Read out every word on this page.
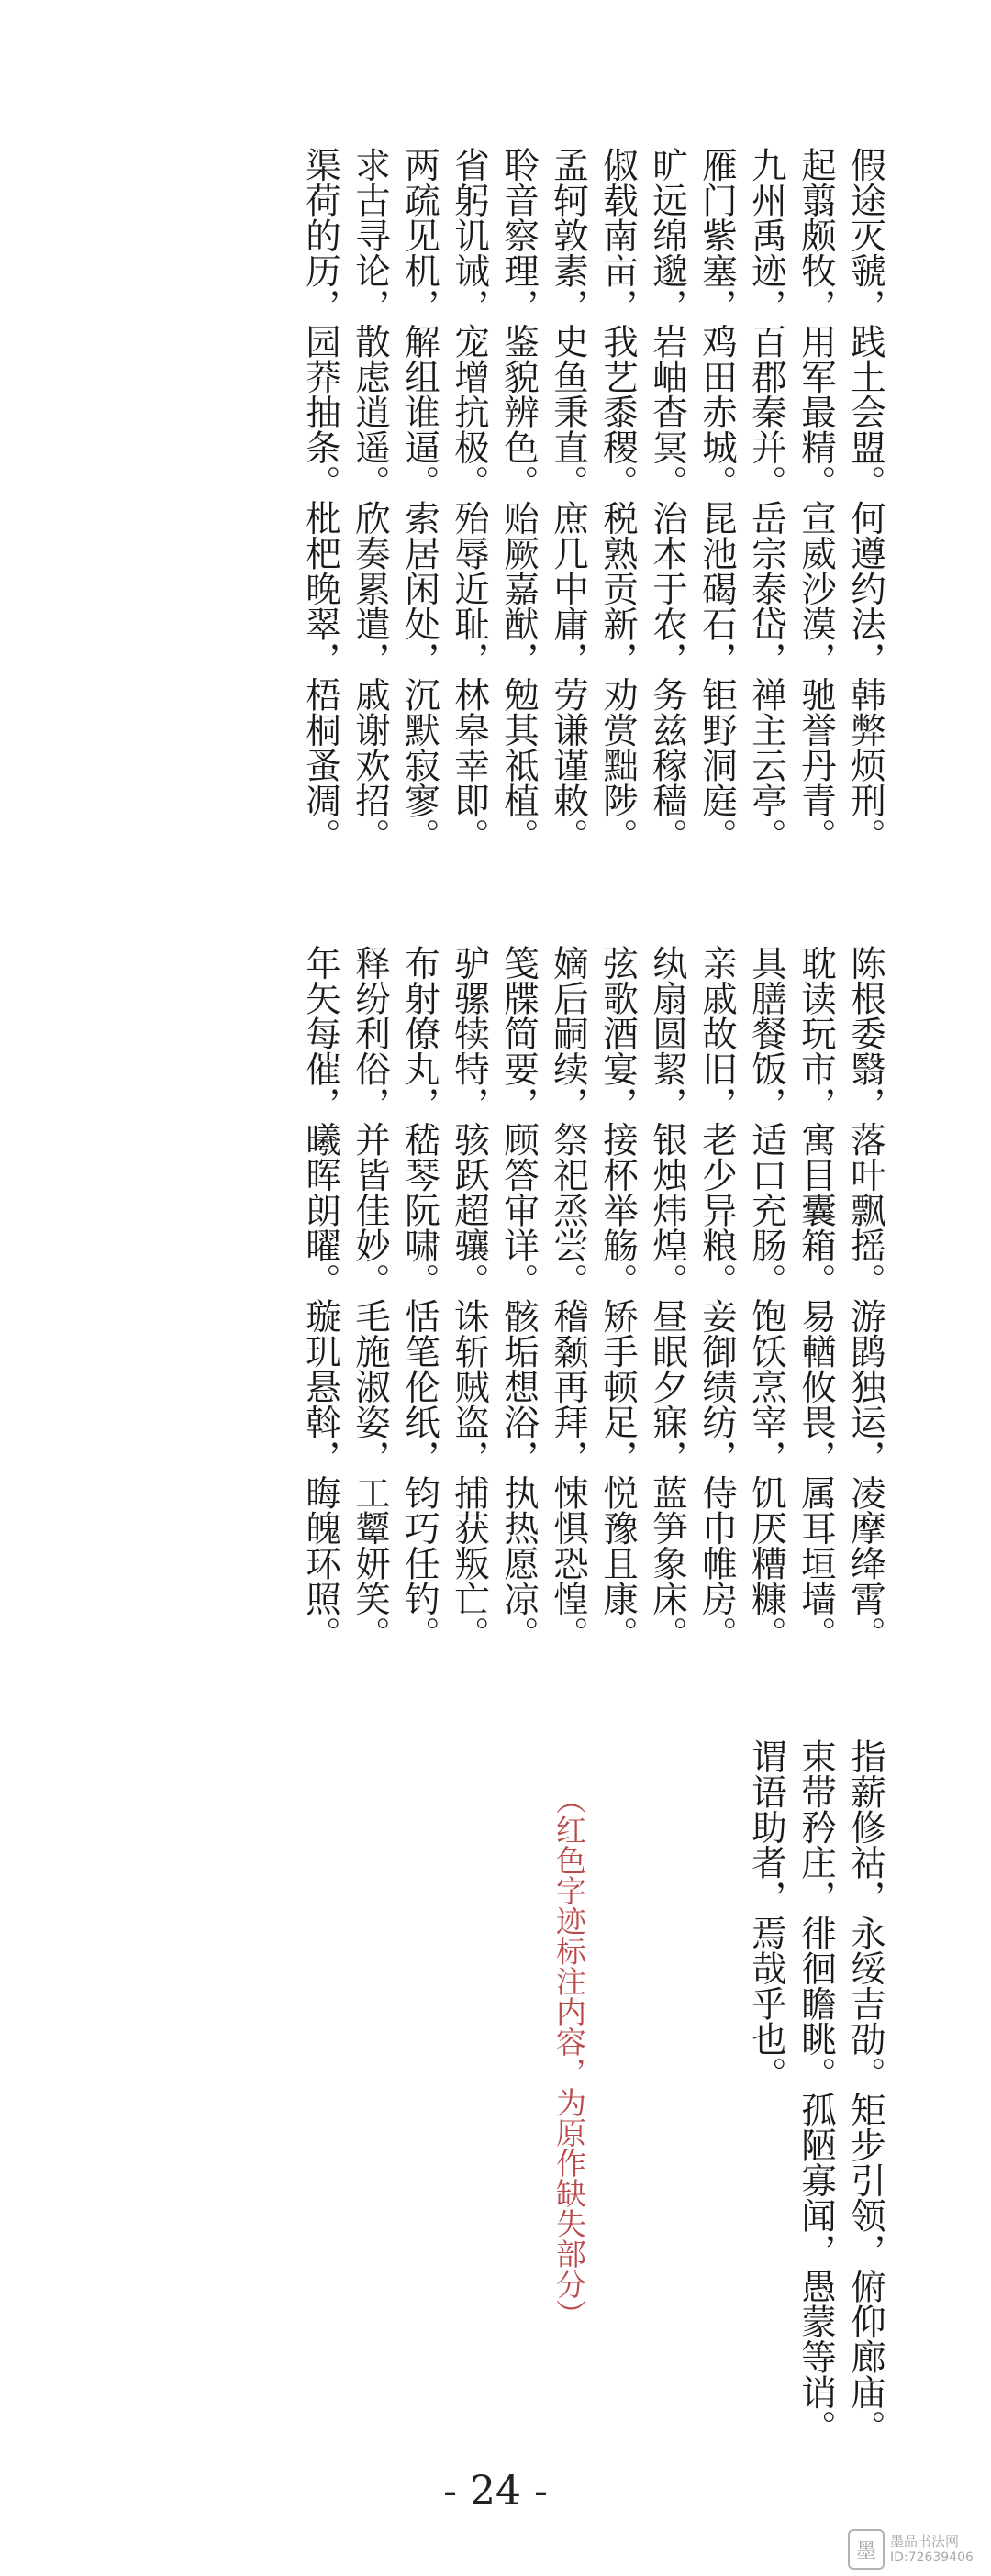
假途灭虢，践土会盟。何遵约法，韩弊烦刑。
起翦颇牧，用军最精。宣威沙漠，驰誉丹青。
九州禹迹，百郡秦并。岳宗泰岱，禅主云亭。
雁门紫塞，鸡田赤城。昆池碣石，钜野洞庭。
旷远绵邈，岩岫杳冥。治本于农，务兹稼穑。
俶载南亩，我艺黍稷。税熟贡新，劝赏黜陟。
孟轲敦素，史鱼秉直。庶几中庸，劳谦谨敕。
聆音察理，鉴貌辨色。贻厥嘉猷，勉其祗植。
省躬讥诫，宠增抗极。殆辱近耻，林皋幸即。
两疏见机，解组谁逼。索居闲处，沉默寂寥。
求古寻论，散虑逍遥。欣奏累遣，戚谢欢招。
渠荷的历，园莽抽条。枇杷晚翠，梧桐蚤凋。
陈根委翳，落叶飘摇。游鹍独运，凌摩绛霄。
耽读玩市，寓目囊箱。易輶攸畏，属耳垣墙。
具膳餐饭，适口充肠。饱饫烹宰，饥厌糟糠。
亲戚故旧，老少异粮。妾御绩纺，侍巾帷房。
纨扇圆絜，银烛炜煌。昼眠夕寐，蓝笋象床。
弦歌酒宴，接杯举觞。矫手顿足，悦豫且康。
嫡后嗣续，祭祀烝尝。稽颡再拜，悚惧恐惶。
笺牒简要，顾答审详。骸垢想浴，执热愿凉。
驴骡犊特，骇跃超骧。诛斩贼盗，捕获叛亡。
布射僚丸，嵇琴阮啸。恬笔伦纸，钧巧任钓。
释纷利俗，并皆佳妙。毛施淑姿，工颦妍笑。
年矢每催，曦晖朗曜。璇玑悬斡，晦魄环照。
指薪修祜，永绥吉劭。矩步引领，俯仰廊庙。
束带矜庄，徘徊瞻眺。孤陋寡闻，愚蒙等诮。
谓语助者，焉哉乎也。
（红色字迹标注内容，为原作缺失部分）
- 24 -
墨	墨品书法网
ID:72639406
